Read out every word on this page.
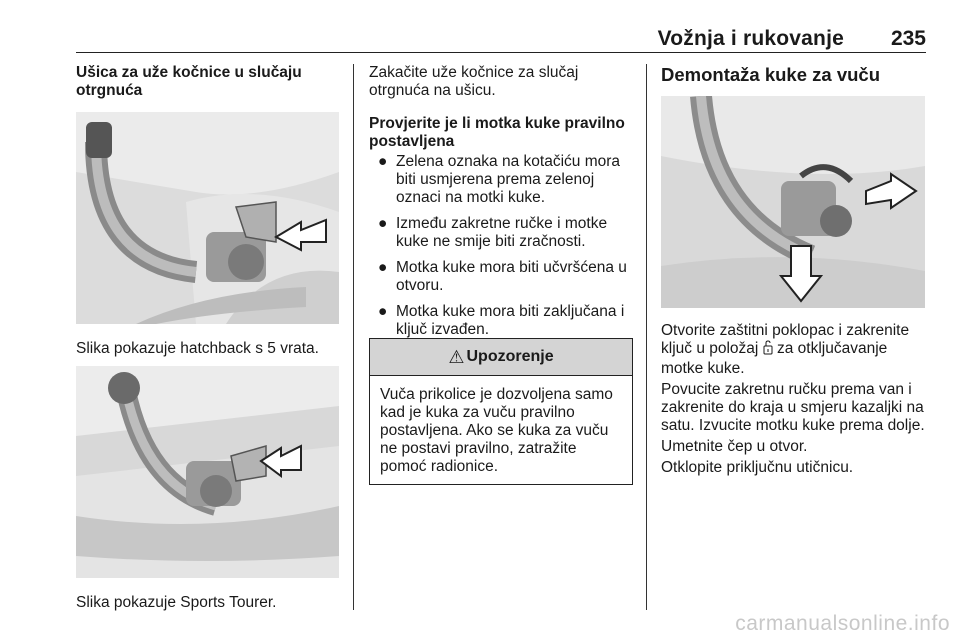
Vožnja i rukovanje 235

Ušica za uže kočnice u slučaju otrgnuća

Slika pokazuje hatchback s 5 vrata.

Slika pokazuje Sports Tourer.

Zakačite uže kočnice za slučaj otrgnuća na ušicu.

Provjerite je li motka kuke pravilno postavljena

● Zelena oznaka na kotačiću mora biti usmjerena prema zelenoj oznaci na motki kuke.
● Između zakretne ručke i motke kuke ne smije biti zračnosti.
● Motka kuke mora biti učvršćena u otvoru.
● Motka kuke mora biti zaključana i ključ izvađen.
⚠ Upozorenje
Vuča prikolice je dozvoljena samo kad je kuka za vuču pravilno postavljena. Ako se kuka za vuču ne postavi pravilno, zatražite pomoć radionice.

Demontaža kuke za vuču

Otvorite zaštitni poklopac i zakrenite ključ u položaj  za otključavanje motke kuke.

Povucite zakretnu ručku prema van i zakrenite do kraja u smjeru kazaljki na satu. Izvucite motku kuke prema dolje.

Umetnite čep u otvor.

Otklopite priključnu utičnicu.

carmanualsonline.info
